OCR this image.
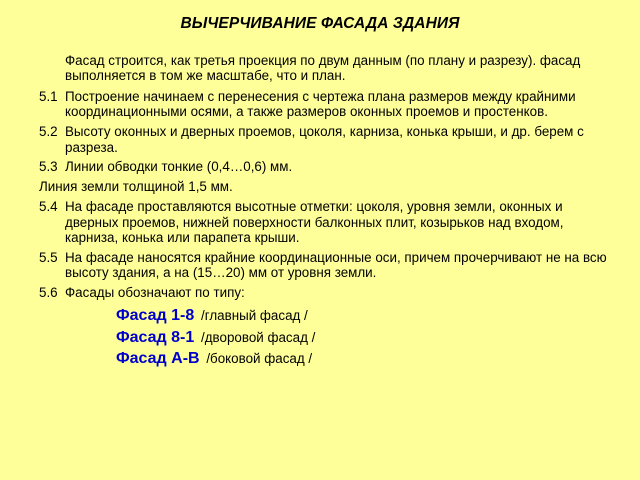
ВЫЧЕРЧИВАНИЕ ФАСАДА ЗДАНИЯ
Фасад строится, как третья проекция по двум данным (по плану и разрезу). фасад выполняется в том же масштабе, что и план.
5.1 Построение начинаем с перенесения с чертежа плана размеров между крайними координационными осями, а также размеров оконных проемов и простенков.
5.2 Высоту оконных и дверных проемов, цоколя, карниза, конька крыши, и др. берем с разреза.
5.3 Линии обводки тонкие (0,4…0,6) мм.
Линия земли толщиной 1,5 мм.
5.4 На фасаде проставляются высотные отметки: цоколя, уровня земли, оконных и дверных проемов, нижней поверхности балконных плит, козырьков над входом, карниза, конька или парапета крыши.
5.5 На фасаде наносятся крайние координационные оси, причем прочерчивают не на всю высоту здания, а на (15…20) мм от уровня земли.
5.6 Фасады обозначают по типу:
Фасад 1-8 /главный фасад /
Фасад 8-1 /дворовой фасад /
Фасад А-В /боковой фасад /
